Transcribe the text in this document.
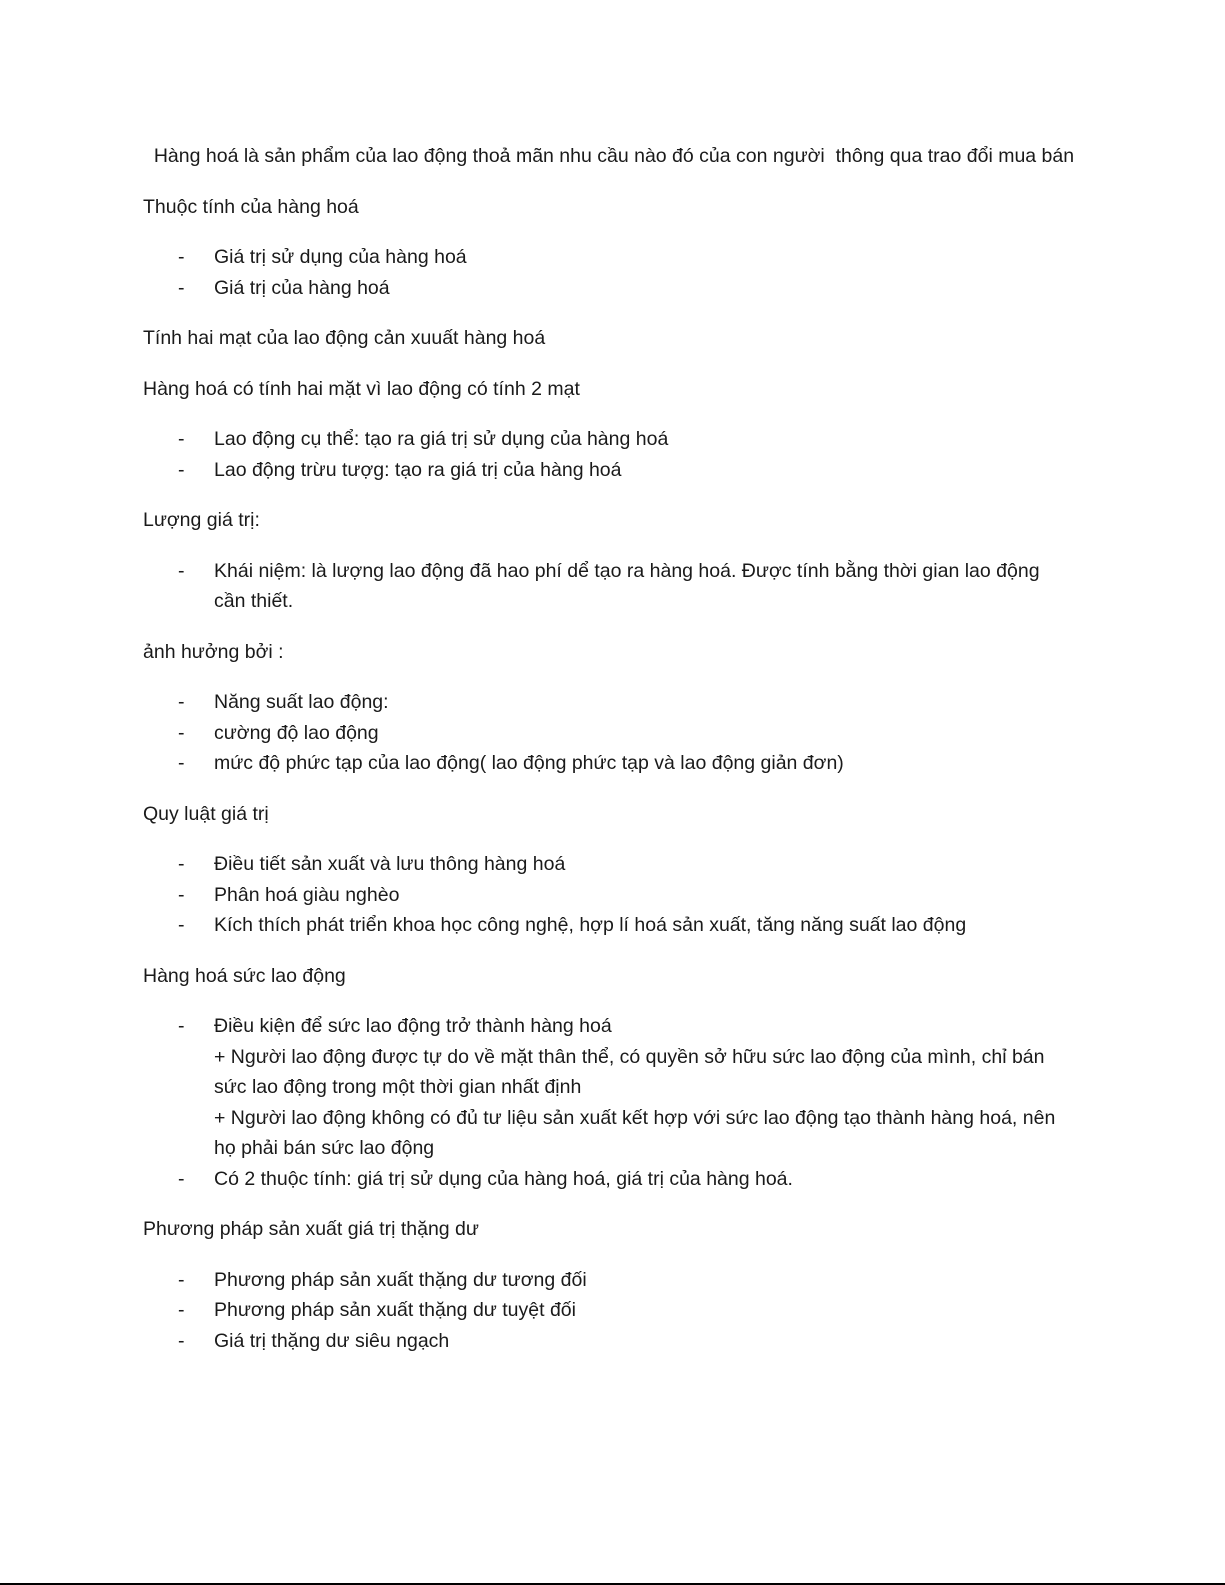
Hàng hoá là sản phẩm của lao động thoả mãn nhu cầu nào đó của con người  thông qua trao đổi mua bán

Thuộc tính của hàng hoá

- Giá trị sử dụng của hàng hoá
- Giá trị của hàng hoá

Tính hai mạt của lao động cản xuuất hàng hoá

Hàng hoá có tính hai mặt vì lao động có tính 2 mạt

- Lao động cụ thể: tạo ra giá trị sử dụng của hàng hoá
- Lao động trừu tượg: tạo ra giá trị của hàng hoá

Lượng giá trị:

- Khái niệm: là lượng lao động đã hao phí dể tạo ra hàng hoá. Được tính bằng thời gian lao động cần thiết.

ảnh hưởng bởi :

- Năng suất lao động:
- cường độ lao động
- mức độ phức tạp của lao động( lao động phức tạp và lao động giản đơn)

Quy luật giá trị

- Điều tiết sản xuất và lưu thông hàng hoá
- Phân hoá giàu nghèo
- Kích thích phát triển khoa học công nghệ, hợp lí hoá sản xuất, tăng năng suất lao động

Hàng hoá sức lao động

- Điều kiện để sức lao động trở thành hàng hoá
+ Người lao động được tự do về mặt thân thể, có quyền sở hữu sức lao động của mình, chỉ bán sức lao động trong một thời gian nhất định
+ Người lao động không có đủ tư liệu sản xuất kết hợp với sức lao động tạo thành hàng hoá, nên họ phải bán sức lao động
- Có 2 thuộc tính: giá trị sử dụng của hàng hoá, giá trị của hàng hoá.

Phương pháp sản xuất giá trị thặng dư

- Phương pháp sản xuất thặng dư tương đối
- Phương pháp sản xuất thặng dư tuyệt đối
- Giá trị thặng dư siêu ngạch
